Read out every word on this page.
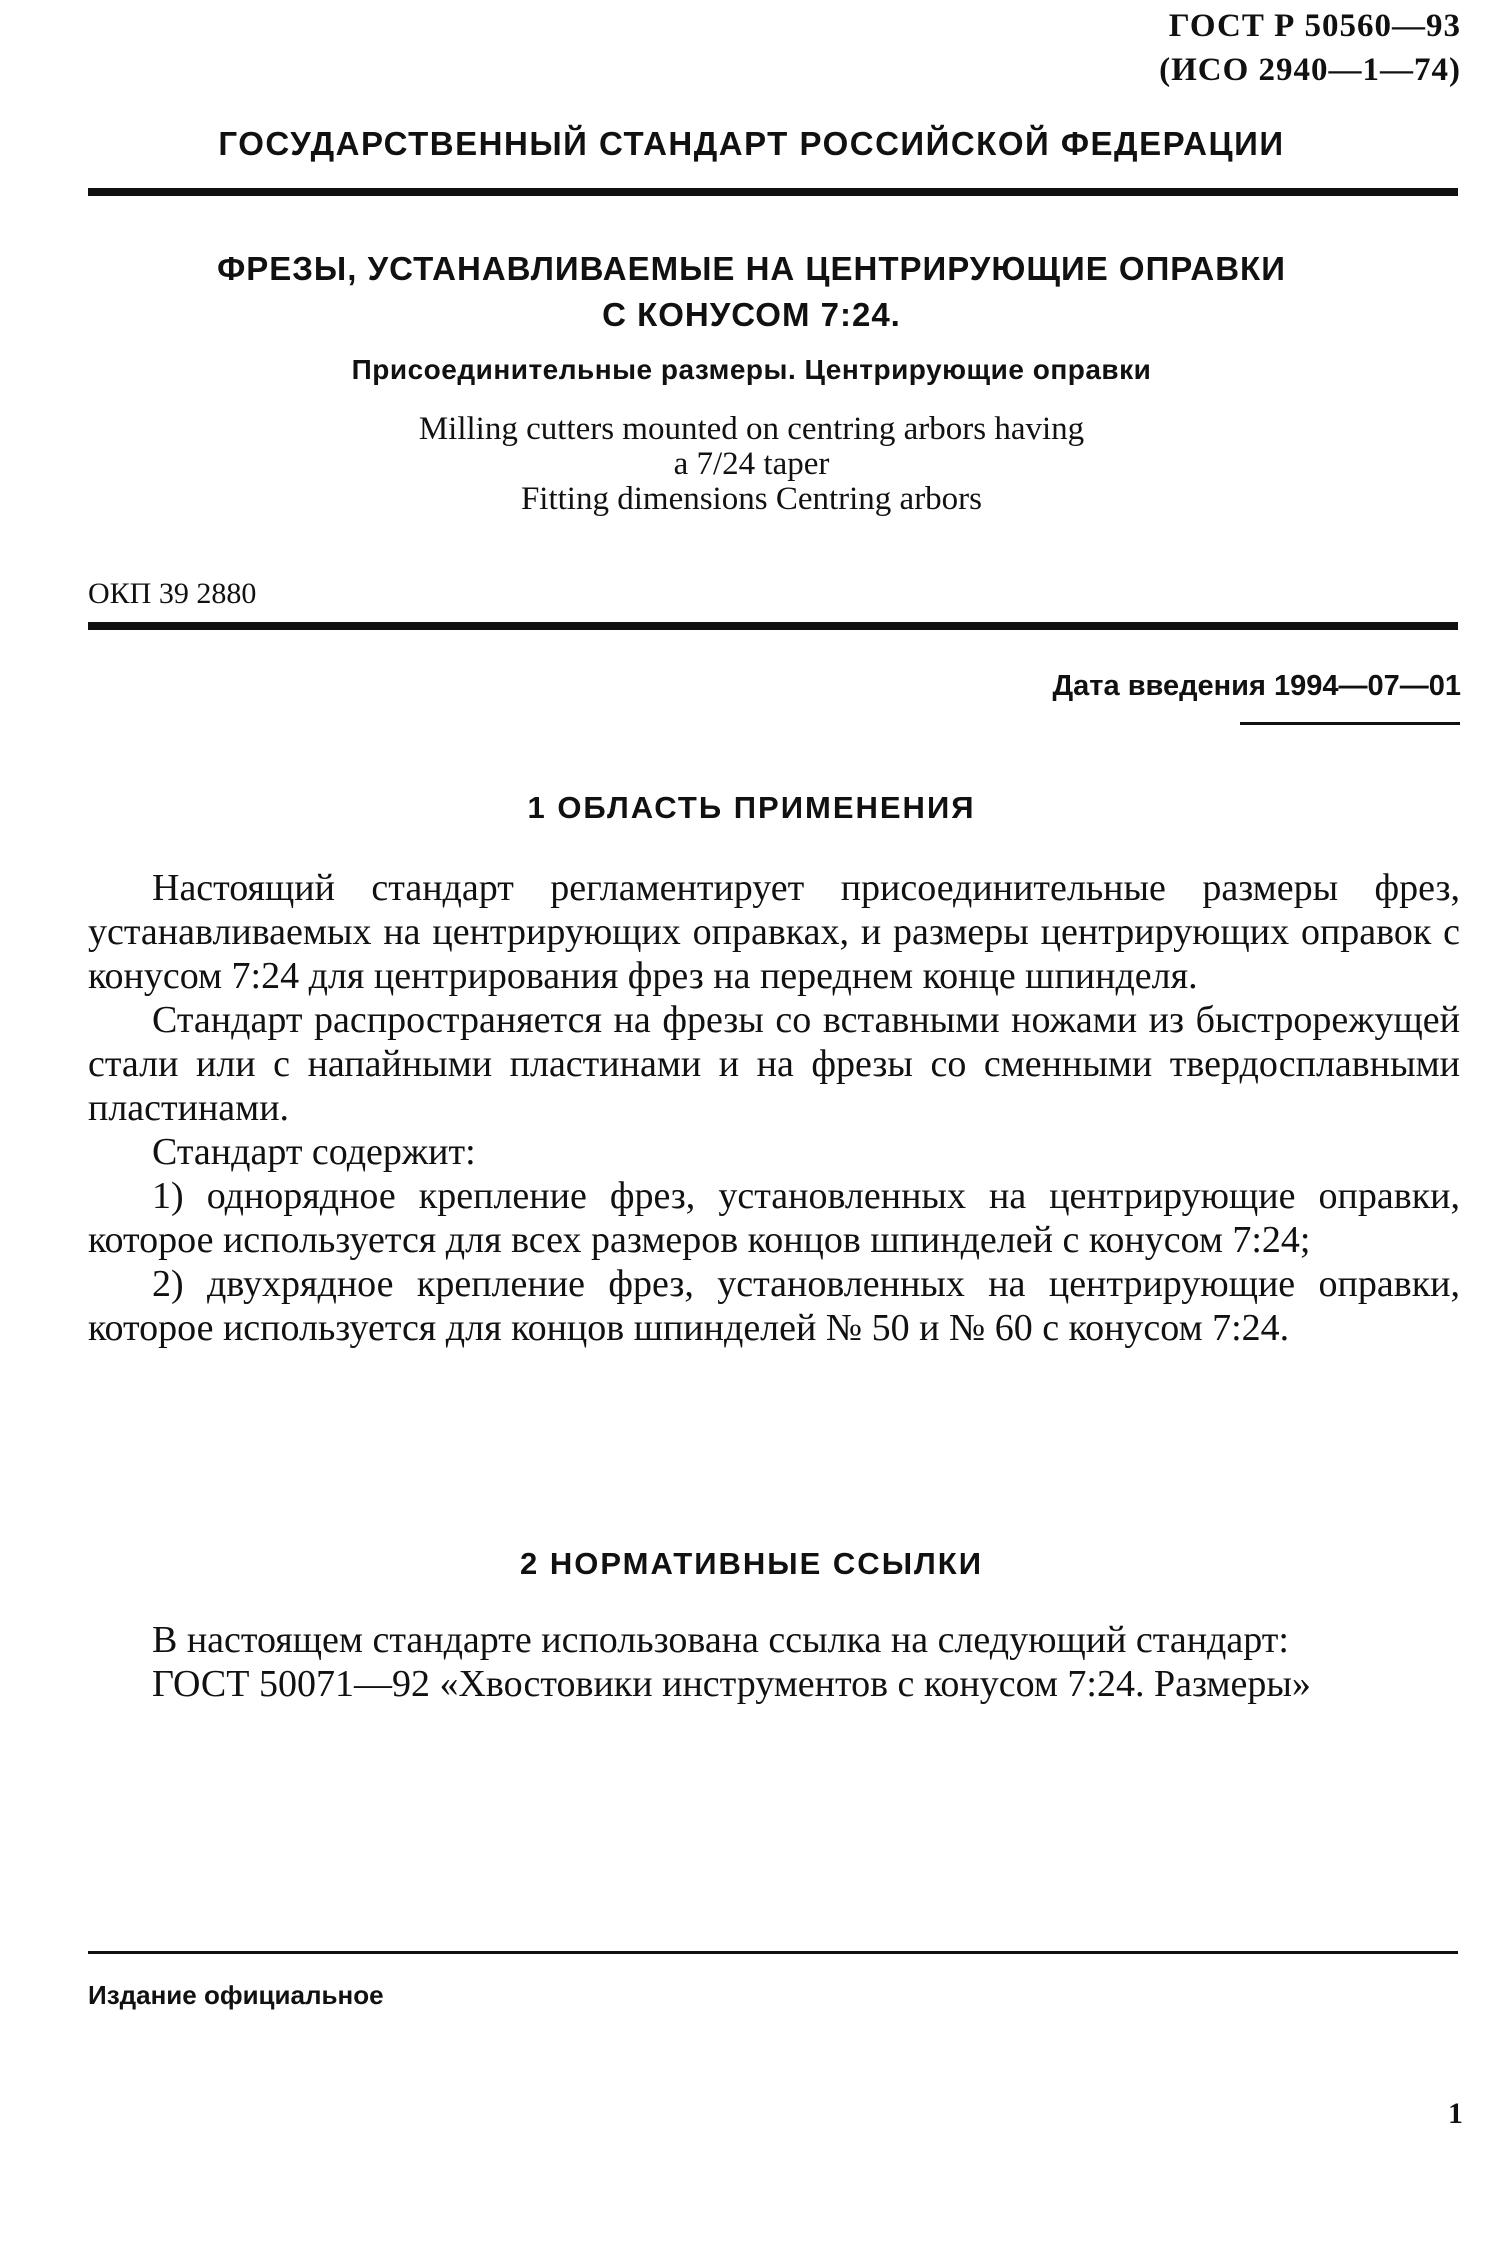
ГОСТ Р 50560—93
(ИСО 2940—1—74)
ГОСУДАРСТВЕННЫЙ СТАНДАРТ РОССИЙСКОЙ ФЕДЕРАЦИИ
ФРЕЗЫ, УСТАНАВЛИВАЕМЫЕ НА ЦЕНТРИРУЮЩИЕ ОПРАВКИ
С КОНУСОМ 7:24.
Присоединительные размеры. Центрирующие оправки
Milling cutters mounted on centring arbors having
a 7/24 taper
Fitting dimensions Centring arbors
ОКП 39 2880
Дата введения 1994—07—01
1 ОБЛАСТЬ ПРИМЕНЕНИЯ

Настоящий стандарт регламентирует присоединительные размеры фрез, устанавливаемых на центрирующих оправках, и размеры центрирующих оправок с конусом 7:24 для центрирования фрез на переднем конце шпинделя.

Стандарт распространяется на фрезы со вставными ножами из быстрорежущей стали или с напайными пластинами и на фрезы со сменными твердосплавными пластинами.

Стандарт содержит:

1) однорядное крепление фрез, установленных на центрирующие оправки, которое используется для всех размеров концов шпинделей с конусом 7:24;

2) двухрядное крепление фрез, установленных на центрирующие оправки, которое используется для концов шпинделей № 50 и № 60 с конусом 7:24.

2 НОРМАТИВНЫЕ ССЫЛКИ

В настоящем стандарте использована ссылка на следующий стандарт:

ГОСТ 50071—92 «Хвостовики инструментов с конусом 7:24. Размеры»

Издание официальное
1
